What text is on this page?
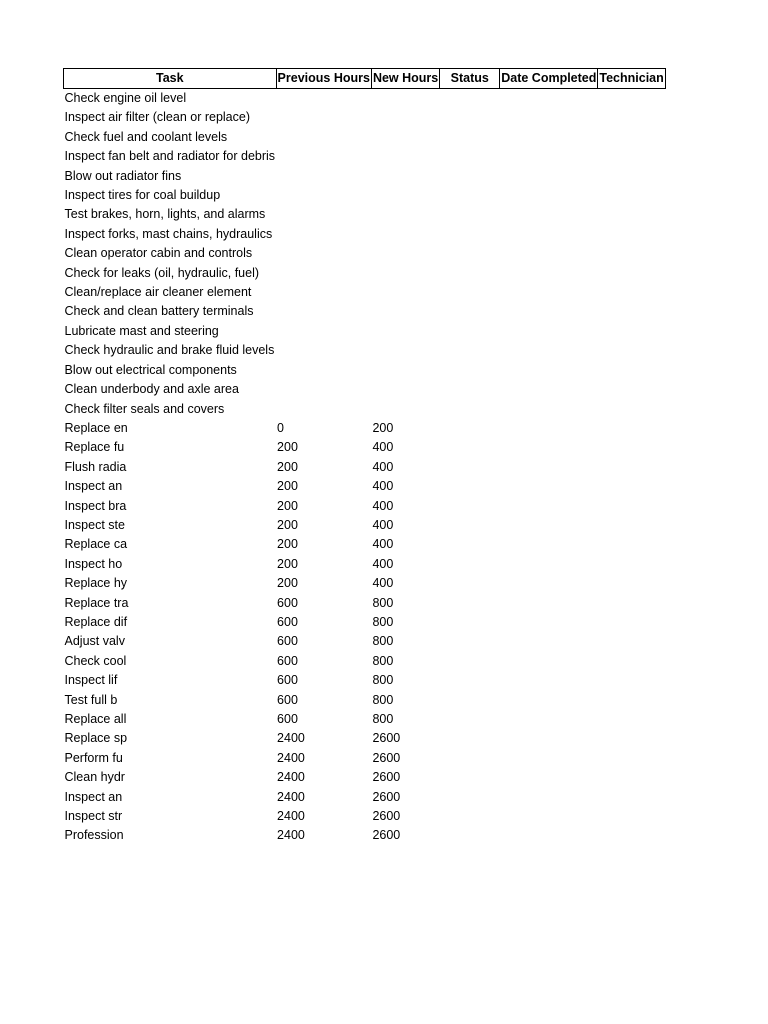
Task	Previous Hours	New Hours	Status	Date Completed	Technician
Check engine oil level					
Inspect air filter (clean or replace)					
Check fuel and coolant levels					
Inspect fan belt and radiator for debris					
Blow out radiator fins					
Inspect tires for coal buildup					
Test brakes, horn, lights, and alarms					
Inspect forks, mast chains, hydraulics					
Clean operator cabin and controls					
Check for leaks (oil, hydraulic, fuel)					
Clean/replace air cleaner element					
Check and clean battery terminals					
Lubricate mast and steering					
Check hydraulic and brake fluid levels					
Blow out electrical components					
Clean underbody and axle area					
Check filter seals and covers					
Replace en	0	200			
Replace fu	200	400			
Flush radia	200	400			
Inspect an	200	400			
Inspect bra	200	400			
Inspect ste	200	400			
Replace ca	200	400			
Inspect ho	200	400			
Replace hy	200	400			
Replace tra	600	800			
Replace dif	600	800			
Adjust valv	600	800			
Check cool	600	800			
Inspect lif	600	800			
Test full b	600	800			
Replace all	600	800			
Replace sp	2400	2600			
Perform fu	2400	2600			
Clean hydr	2400	2600			
Inspect an	2400	2600			
Inspect str	2400	2600			
Profession	2400	2600			
